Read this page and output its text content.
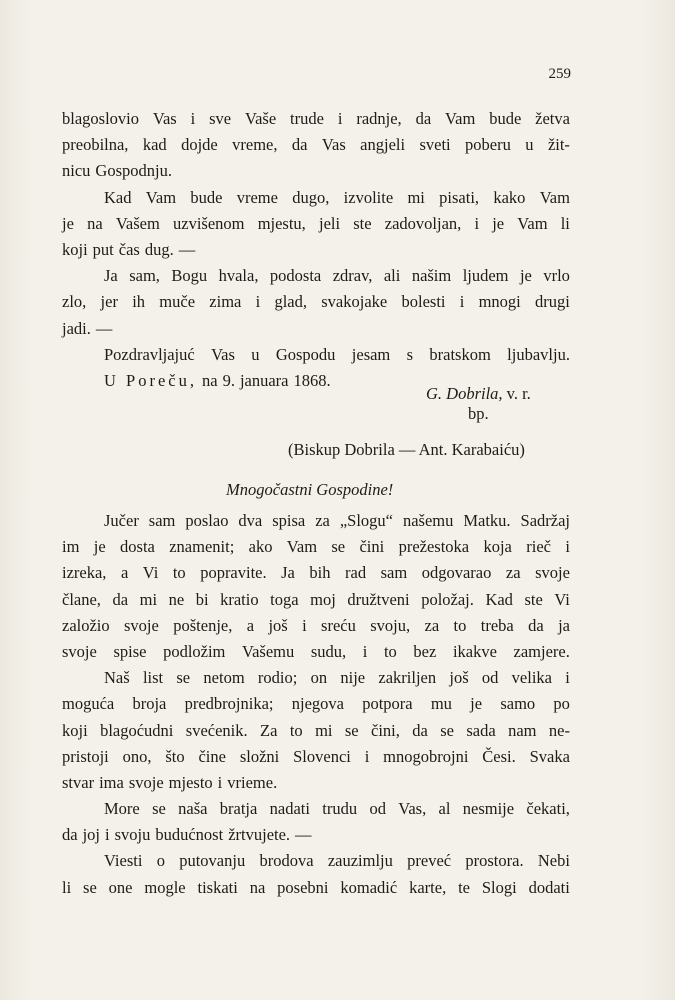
259
blagoslovio Vas i sve Vaše trude i radnje, da Vam bude žetva
preobilna, kad dojde vreme, da Vas angjeli sveti poberu u žit-
nicu Gospodnju.
Kad Vam bude vreme dugo, izvolite mi pisati, kako Vam
je na Vašem uzvišenom mjestu, jeli ste zadovoljan, i je Vam li
koji put čas dug. —
Ja sam, Bogu hvala, podosta zdrav, ali našim ljudem je vrlo
zlo, jer ih muče zima i glad, svakojake bolesti i mnogi drugi
jadi. —
Pozdravljajuć Vas u Gospodu jesam s bratskom ljubavlju.
U Poreču, na 9. januara 1868.
G. Dobrila, v. r.
bp.
(Biskup Dobrila — Ant. Karabaiću)
Mnogočastni Gospodine!
Jučer sam poslao dva spisa za „Slogu“ našemu Matku. Sadržaj
im je dosta znamenit; ako Vam se čini prežestoka koja rieč i
izreka, a Vi to popravite. Ja bih rad sam odgovarao za svoje
člane, da mi ne bi kratio toga moj družtveni položaj. Kad ste Vi
založio svoje poštenje, a još i sreću svoju, za to treba da ja
svoje spise podložim Vašemu sudu, i to bez ikakve zamjere.
Naš list se netom rodio; on nije zakriljen još od velika i
moguća broja predbrojnika; njegova potpora mu je samo po
koji blagoćudni svećenik. Za to mi se čini, da se sada nam ne-
pristoji ono, što čine složni Slovenci i mnogobrojni Česi. Svaka
stvar ima svoje mjesto i vrieme.
More se naša bratja nadati trudu od Vas, al nesmije čekati,
da joj i svoju budućnost žrtvujete. —
Viesti o putovanju brodova zauzimlju preveć prostora. Nebi
li se one mogle tiskati na posebni komadić karte, te Slogi dodati
